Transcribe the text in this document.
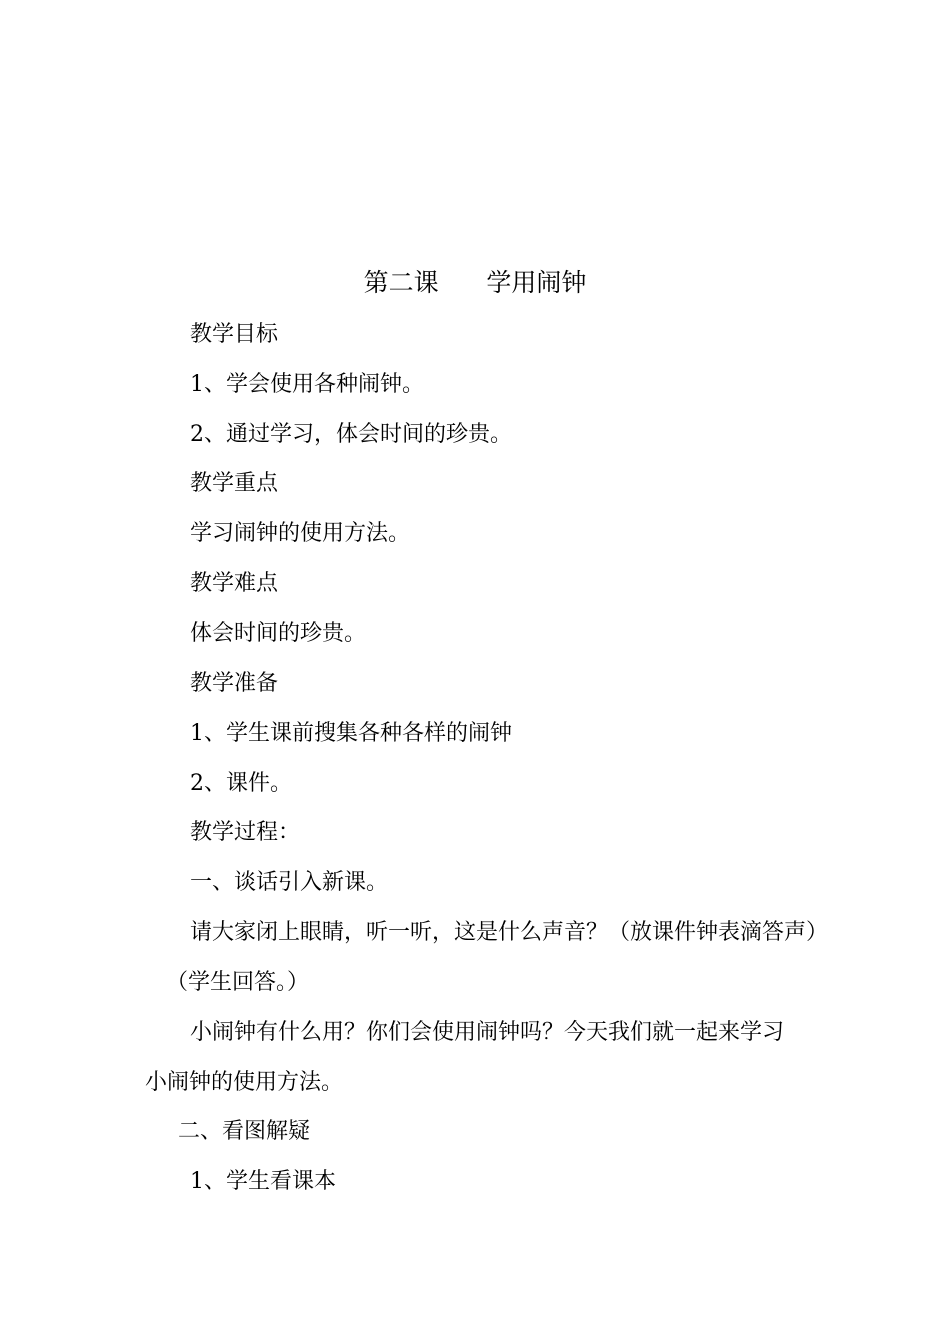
第二课      学用闹钟
教学目标
1、学会使用各种闹钟。
2、通过学习，体会时间的珍贵。
教学重点
学习闹钟的使用方法。
教学难点
体会时间的珍贵。
教学准备
1、学生课前搜集各种各样的闹钟
2、课件。
教学过程：
一、谈话引入新课。
请大家闭上眼睛，听一听，这是什么声音？（放课件钟表滴答声）
（学生回答。）
小闹钟有什么用？你们会使用闹钟吗？今天我们就一起来学习
小闹钟的使用方法。
二、看图解疑
1、学生看课本
